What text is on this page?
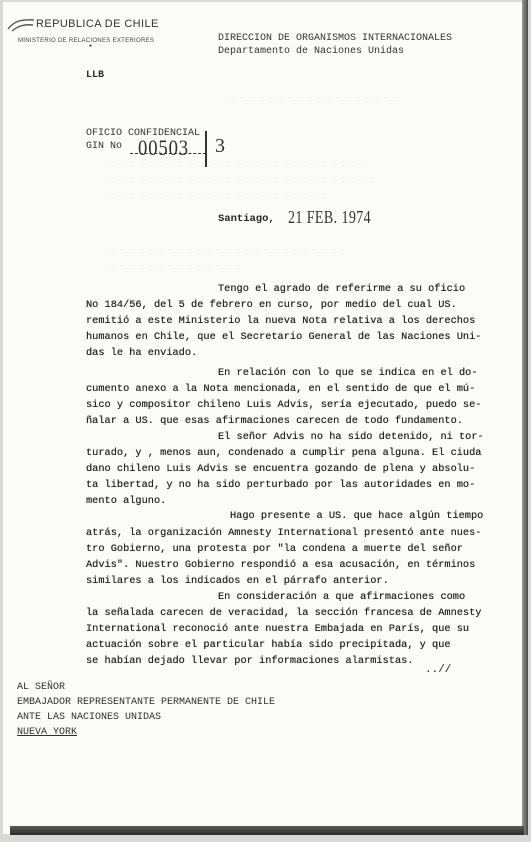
REPUBLICA DE CHILE
MINISTERIO DE RELACIONES EXTERIORES
*
DIRECCION DE ORGANISMOS INTERNACIONALES
Departamento de Naciones Unidas
LLB
OFICIO CONFIDENCIAL
GIN No 00503 3
- - - - - - - - - - - - - - - - - -
- - - - - - - - - - - - - - - - - - - - - - - - - - -
- - - - - - - - - - - - - - - - - - - - - - - - - - - -
- - - - - - - - - - - - - - - - - - - - - - -
- - - - - - - - - - - - - - - - - - - - - - - - -
- - - - - - - - - - - - - -
Santiago, 21 FEB. 1974
Tengo el agrado de referirme a su oficio
No 184/56, del 5 de febrero en curso, por medio del cual US.
remitió a este Ministerio la nueva Nota relativa a los derechos
humanos en Chile, que el Secretario General de las Naciones Uni-
das le ha enviado.
En relación con lo que se indica en el do-
cumento anexo a la Nota mencionada, en el sentido de que el mú-
sico y compositor chileno Luis Advis, sería ejecutado, puedo se-
ñalar a US. que esas afirmaciones carecen de todo fundamento.
El señor Advis no ha sido detenido, ni tor-
turado, y , menos aun, condenado a cumplir pena alguna. El ciuda
dano chileno Luis Advis se encuentra gozando de plena y absolu-
ta libertad, y no ha sido perturbado por las autoridades en mo-
mento alguno.
Hago presente a US. que hace algún tiempo
atrás, la organización Amnesty International presentó ante nues-
tro Gobierno, una protesta por "la condena a muerte del señor
Advis". Nuestro Gobierno respondió a esa acusación, en términos
similares a los indicados en el párrafo anterior.
En consideración a que afirmaciones como
la señalada carecen de veracidad, la sección francesa de Amnesty
International reconoció ante nuestra Embajada en París, que su
actuación sobre el particular había sido precipitada, y que
se habían dejado llevar por informaciones alarmistas.
..//
AL SEÑOR
EMBAJADOR REPRESENTANTE PERMANENTE DE CHILE
ANTE LAS NACIONES UNIDAS
NUEVA YORK
